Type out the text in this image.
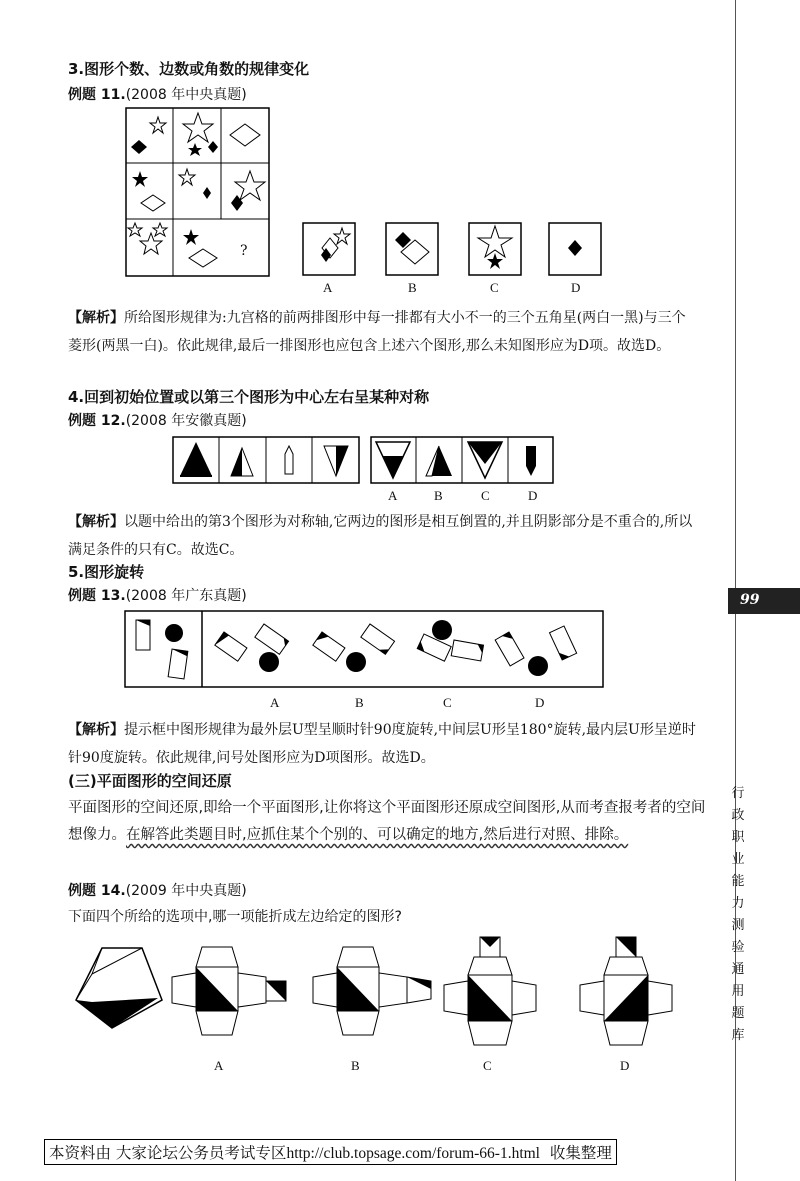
99
行
政
职
业
能
力
测
验
通
用
题
库
3.图形个数、边数或角数的规律变化
例题 11.(2008 年中央真题)
?
A	B	C	D
【解析】所给图形规律为:九宫格的前两排图形中每一排都有大小不一的三个五角星(两白一黑)与三个菱形(两黑一白)。依此规律,最后一排图形也应包含上述六个图形,那么未知图形应为D项。故选D。
4.回到初始位置或以第三个图形为中心左右呈某种对称
例题 12.(2008 年安徽真题)
A	B	C	D
【解析】以题中给出的第3个图形为对称轴,它两边的图形是相互倒置的,并且阴影部分是不重合的,所以满足条件的只有C。故选C。
5.图形旋转
例题 13.(2008 年广东真题)
A	B	C	D
【解析】提示框中图形规律为最外层U型呈顺时针90度旋转,中间层U形呈180°旋转,最内层U形呈逆时针90度旋转。依此规律,问号处图形应为D项图形。故选D。
(三)平面图形的空间还原
平面图形的空间还原,即给一个平面图形,让你将这个平面图形还原成空间图形,从而考查报考者的空间想像力。在解答此类题目时,应抓住某个个别的、可以确定的地方,然后进行对照、排除。
例题 14.(2009 年中央真题)
下面四个所给的选项中,哪一项能折成左边给定的图形?
A	B	C	D
本资料由 大家论坛公务员考试专区http://club.topsage.com/forum-66-1.html 收集整理
